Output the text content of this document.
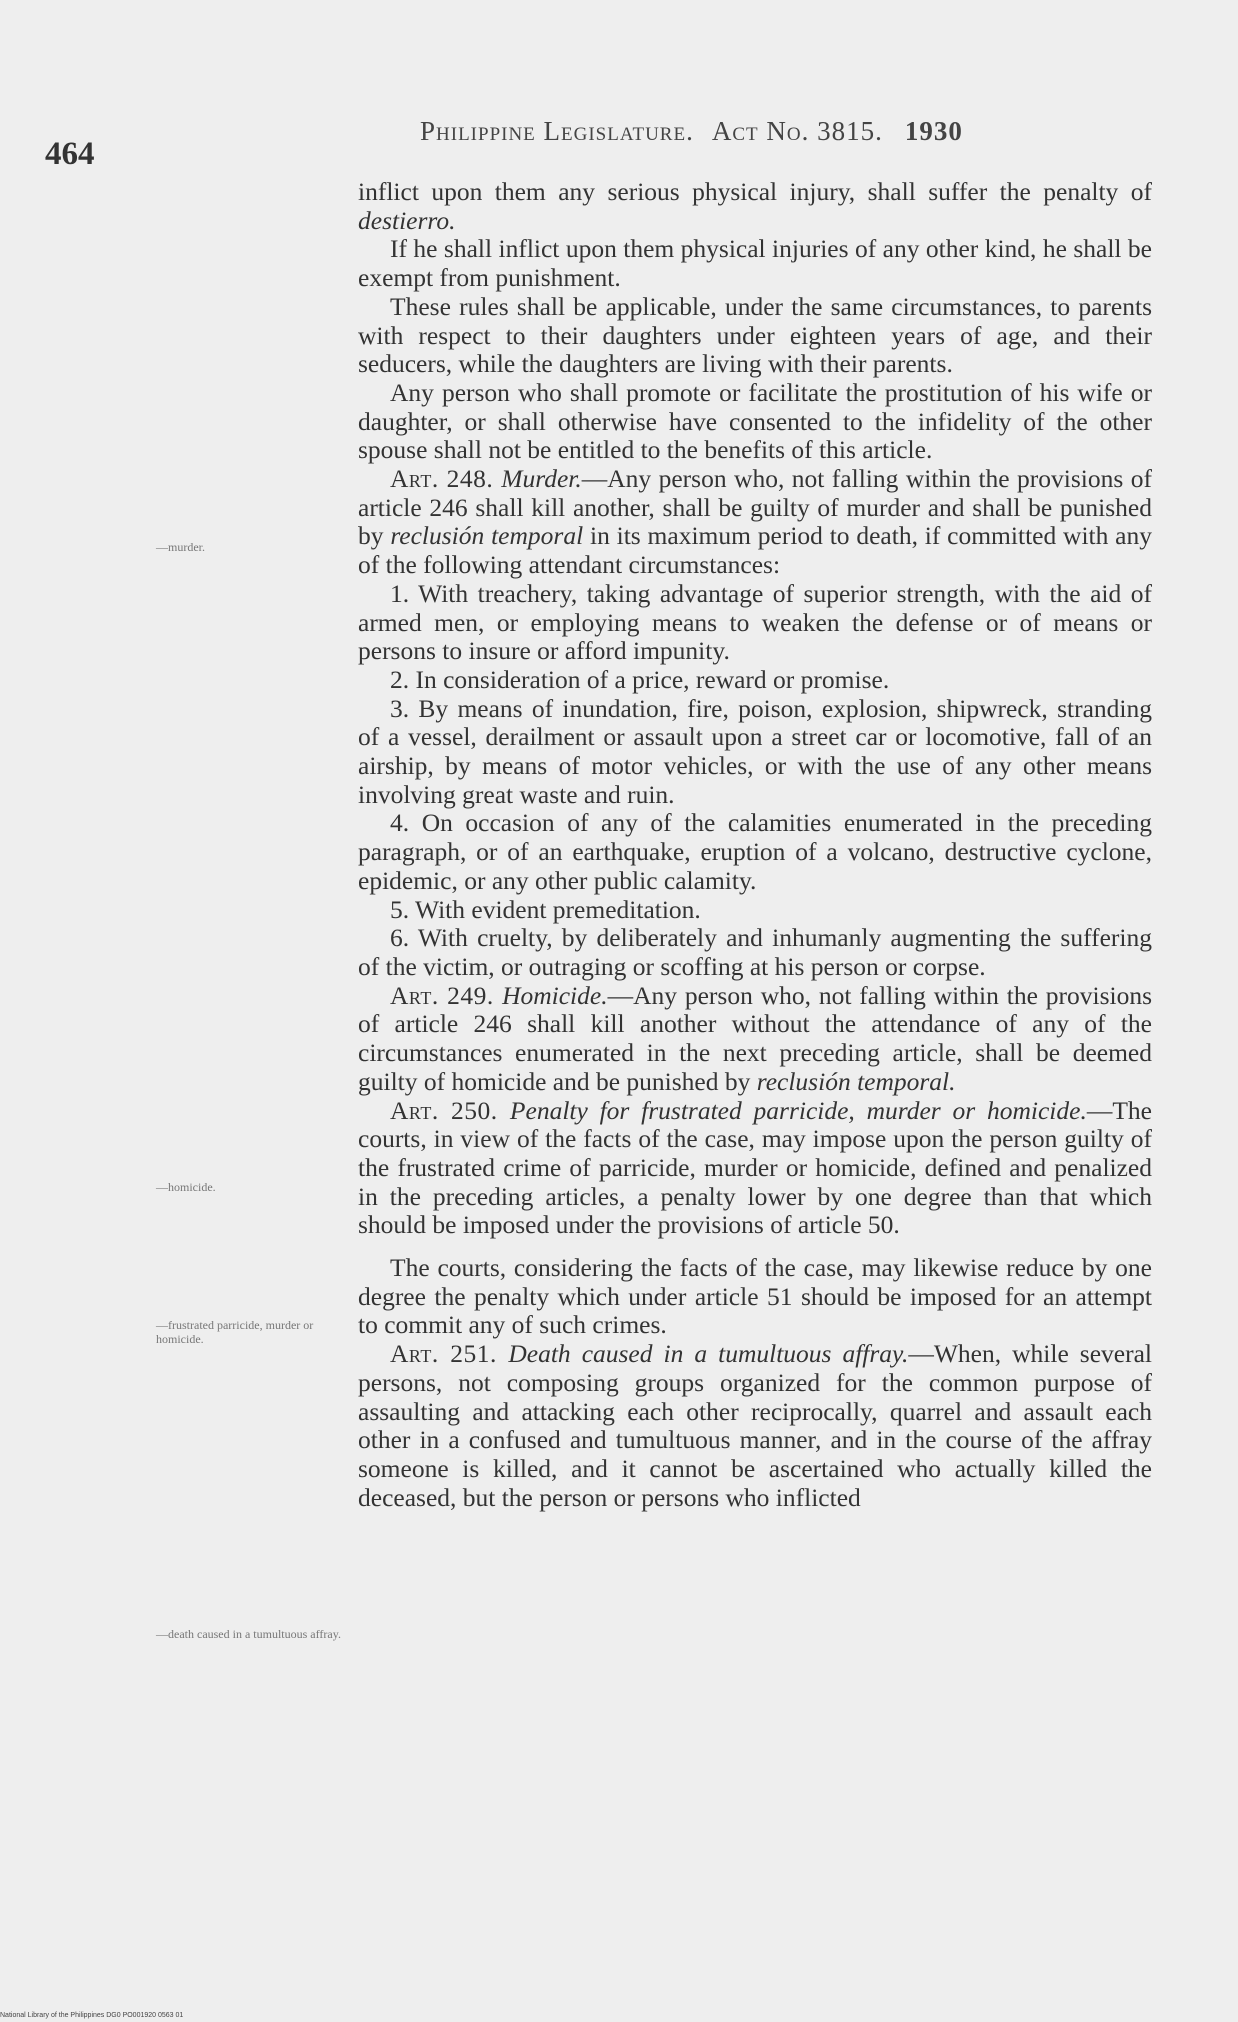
464
Philippine Legislature. Act No. 3815. 1930
—murder.
—homicide.
—frustrated parricide, murder or homicide.
—death caused in a tumultuous affray.

inflict upon them any serious physical injury, shall suffer the penalty of destierro.

If he shall inflict upon them physical injuries of any other kind, he shall be exempt from punishment.

These rules shall be applicable, under the same circumstances, to parents with respect to their daughters under eighteen years of age, and their seducers, while the daughters are living with their parents.

Any person who shall promote or facilitate the prostitution of his wife or daughter, or shall otherwise have consented to the infidelity of the other spouse shall not be entitled to the benefits of this article.

Art. 248. Murder.—Any person who, not falling within the provisions of article 246 shall kill another, shall be guilty of murder and shall be punished by reclusión temporal in its maximum period to death, if committed with any of the following attendant circumstances:

1. With treachery, taking advantage of superior strength, with the aid of armed men, or employing means to weaken the defense or of means or persons to insure or afford impunity.

2. In consideration of a price, reward or promise.

3. By means of inundation, fire, poison, explosion, shipwreck, stranding of a vessel, derailment or assault upon a street car or locomotive, fall of an airship, by means of motor vehicles, or with the use of any other means involving great waste and ruin.

4. On occasion of any of the calamities enumerated in the preceding paragraph, or of an earthquake, eruption of a volcano, destructive cyclone, epidemic, or any other public calamity.

5. With evident premeditation.

6. With cruelty, by deliberately and inhumanly augmenting the suffering of the victim, or outraging or scoffing at his person or corpse.

Art. 249. Homicide.—Any person who, not falling within the provisions of article 246 shall kill another without the attendance of any of the circumstances enumerated in the next preceding article, shall be deemed guilty of homicide and be punished by reclusión temporal.

Art. 250. Penalty for frustrated parricide, murder or homicide.—The courts, in view of the facts of the case, may impose upon the person guilty of the frustrated crime of parricide, murder or homicide, defined and penalized in the preceding articles, a penalty lower by one degree than that which should be imposed under the provisions of article 50.

The courts, considering the facts of the case, may likewise reduce by one degree the penalty which under article 51 should be imposed for an attempt to commit any of such crimes.

Art. 251. Death caused in a tumultuous affray.—When, while several persons, not composing groups organized for the common purpose of assaulting and attacking each other reciprocally, quarrel and assault each other in a confused and tumultuous manner, and in the course of the affray someone is killed, and it cannot be ascertained who actually killed the deceased, but the person or persons who inflicted

National Library of the Philippines DG0 PO001920 0563 01
